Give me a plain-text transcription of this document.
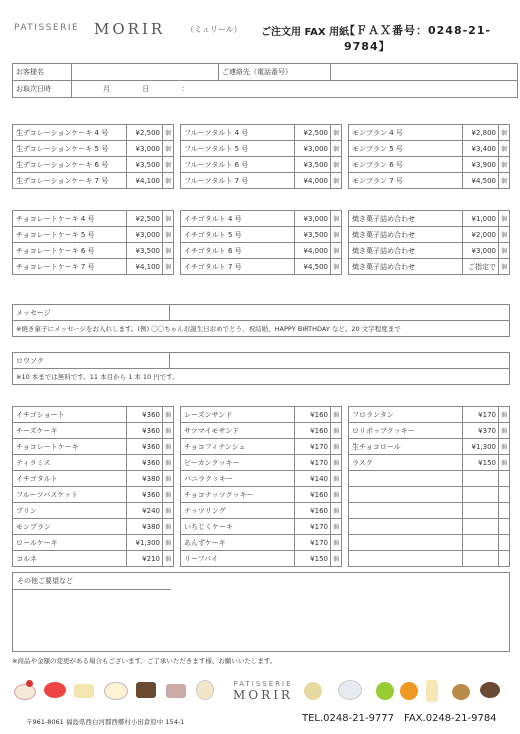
PATISSERIE MORIR	（ミュリール） ご注文用 FAX 用紙
【ＦＡＸ番号：0248-21-9784】
お客様名		ご連絡先（電話番号）	
お取次日時	月 日 ：		
生デコレーションケーキ 4 号	¥2,500	個
生デコレーションケーキ 5 号	¥3,000	個
生デコレーションケーキ 6 号	¥3,500	個
生デコレーションケーキ 7 号	¥4,100	個
フルーツタルト 4 号	¥2,500	個
フルーツタルト 5 号	¥3,000	個
フルーツタルト 6 号	¥3,500	個
フルーツタルト 7 号	¥4,000	個
モンブラン 4 号	¥2,800	個
モンブラン 5 号	¥3,400	個
モンブラン 6 号	¥3,900	個
モンブラン 7 号	¥4,500	個
チョコレートケーキ 4 号	¥2,500	個
チョコレートケーキ 5 号	¥3,000	個
チョコレートケーキ 6 号	¥3,500	個
チョコレートケーキ 7 号	¥4,100	個
イチゴタルト 4 号	¥3,000	個
イチゴタルト 5 号	¥3,500	個
イチゴタルト 6 号	¥4,000	個
イチゴタルト 7 号	¥4,500	個
焼き菓子詰め合わせ	¥1,000	個
焼き菓子詰め合わせ	¥2,000	個
焼き菓子詰め合わせ	¥3,000	個
焼き菓子詰め合わせ	ご指定で	個
メッセージ	
※焼き菓子にメッセージをお入れします。(例) 〇〇ちゃんお誕生日おめでとう、祝結婚、HAPPY BIRTHDAY など。20 文字程度まで
ロウソク	
※10 本までは無料です。11 本目から 1 本 10 円です。
イチゴショート	¥360	個
チーズケーキ	¥360	個
チョコレートケーキ	¥360	個
ティラミス	¥360	個
イチゴタルト	¥380	個
フルーツバスケット	¥360	個
プリン	¥240	個
モンブラン	¥380	個
ロールケーキ	¥1,300	個
コルネ	¥210	個
レーズンサンド	¥160	個
サツマイモサンド	¥160	個
チョコフィナンシェ	¥170	個
ピーカンクッキー	¥170	個
バニラクッキー	¥140	個
チョコナッツクッキー	¥160	個
ナッツリング	¥160	個
いちじくケーキ	¥170	個
あんずケーキ	¥170	個
リーフパイ	¥150	個
フロランタン	¥170	個
ロリポップクッキー	¥370	個
生チョコロール	¥1,300	個
ラスク	¥150	個

その他ご要望など
※商品や金額の変更がある場合もございます。ご了承いただきます様、お願いいたします。
PATISSERIE
MORIR
〒961-8061 福島県西白河郡西郷村小田倉原中 154-1	TEL.0248-21-9777 FAX.0248-21-9784
